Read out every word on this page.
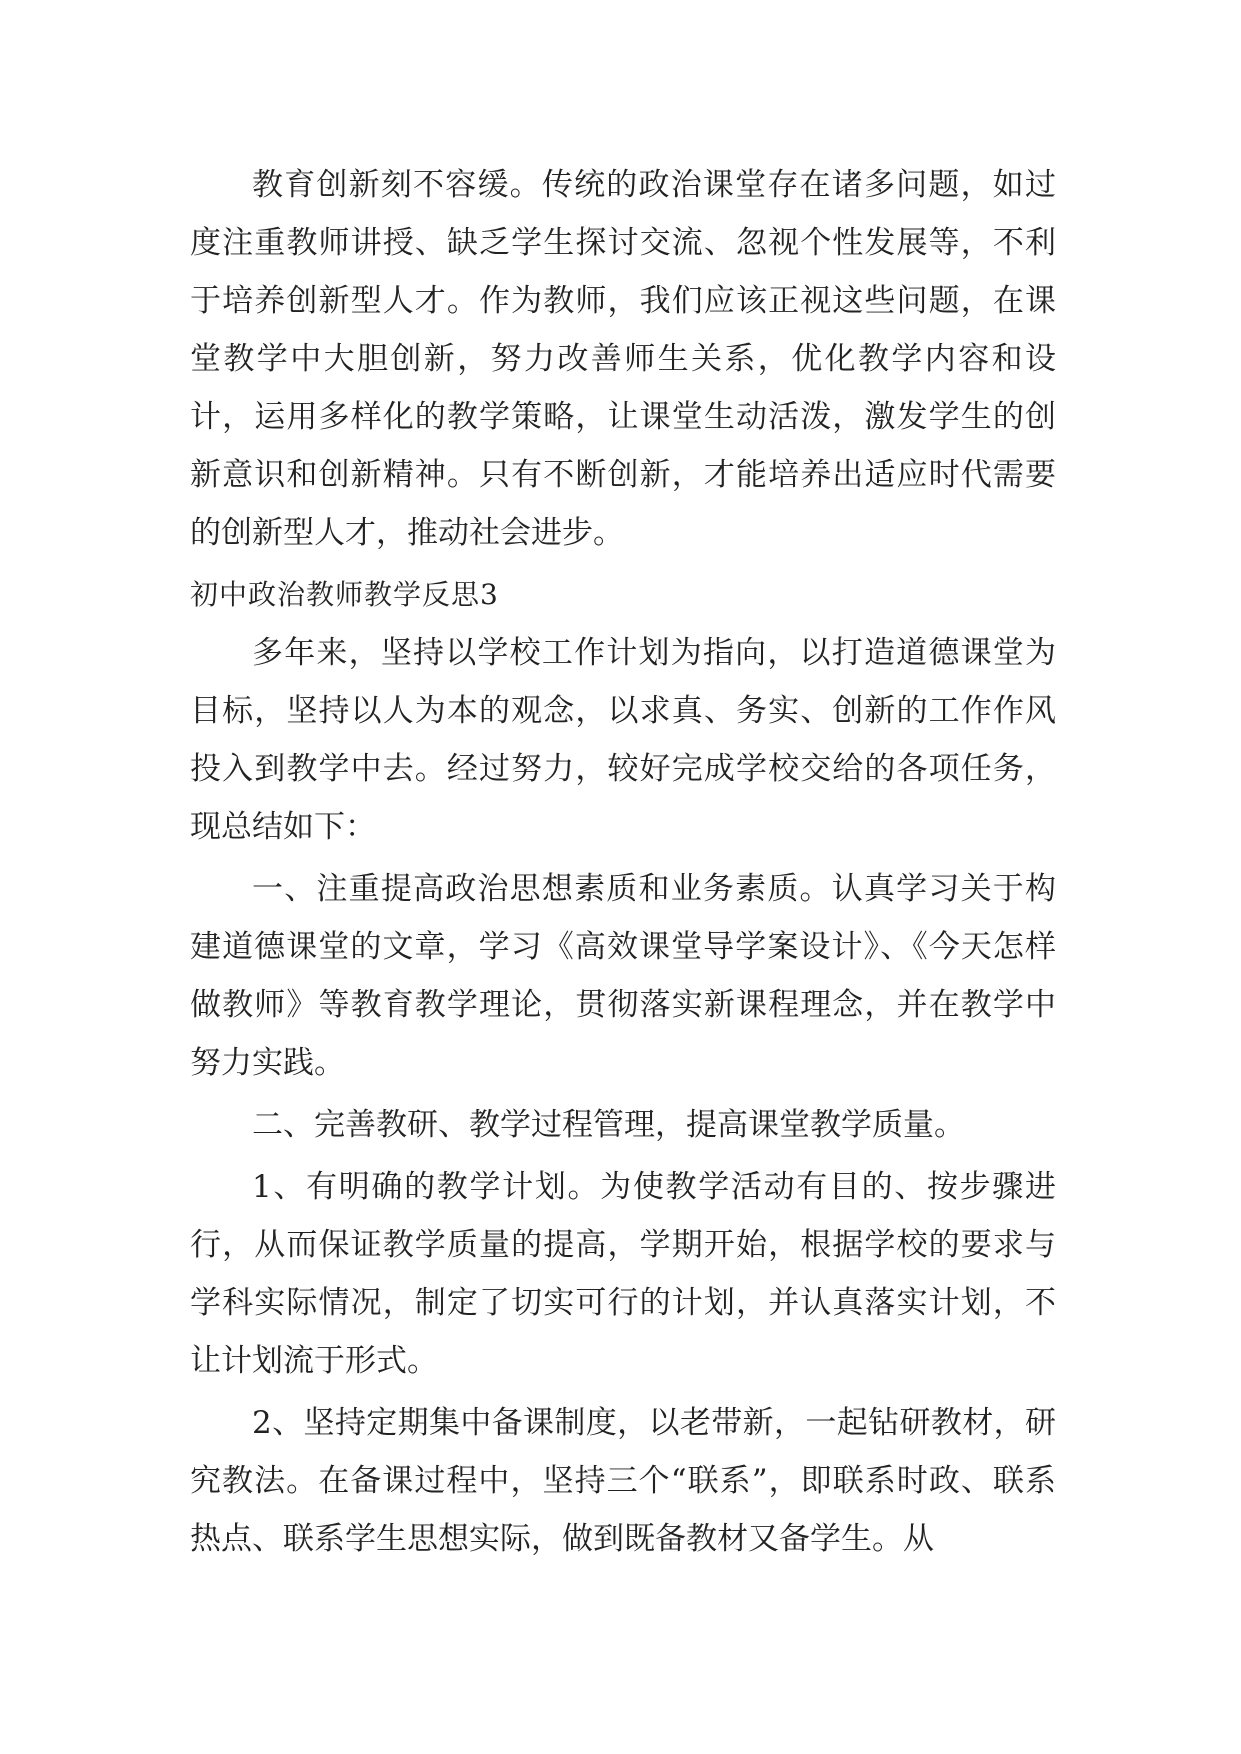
教育创新刻不容缓。传统的政治课堂存在诸多问题，如过度注重教师讲授、缺乏学生探讨交流、忽视个性发展等，不利于培养创新型人才。作为教师，我们应该正视这些问题，在课堂教学中大胆创新，努力改善师生关系，优化教学内容和设计，运用多样化的教学策略，让课堂生动活泼，激发学生的创新意识和创新精神。只有不断创新，才能培养出适应时代需要的创新型人才，推动社会进步。

初中政治教师教学反思3

多年来，坚持以学校工作计划为指向，以打造道德课堂为目标，坚持以人为本的观念，以求真、务实、创新的工作作风投入到教学中去。经过努力，较好完成学校交给的各项任务，现总结如下：

一、注重提高政治思想素质和业务素质。认真学习关于构建道德课堂的文章，学习《高效课堂导学案设计》、《今天怎样做教师》等教育教学理论，贯彻落实新课程理念，并在教学中努力实践。

二、完善教研、教学过程管理，提高课堂教学质量。

1、有明确的教学计划。为使教学活动有目的、按步骤进行，从而保证教学质量的提高，学期开始，根据学校的要求与学科实际情况，制定了切实可行的计划，并认真落实计划，不让计划流于形式。

2、坚持定期集中备课制度，以老带新，一起钻研教材，研究教法。在备课过程中，坚持三个“联系”，即联系时政、联系热点、联系学生思想实际，做到既备教材又备学生。从
